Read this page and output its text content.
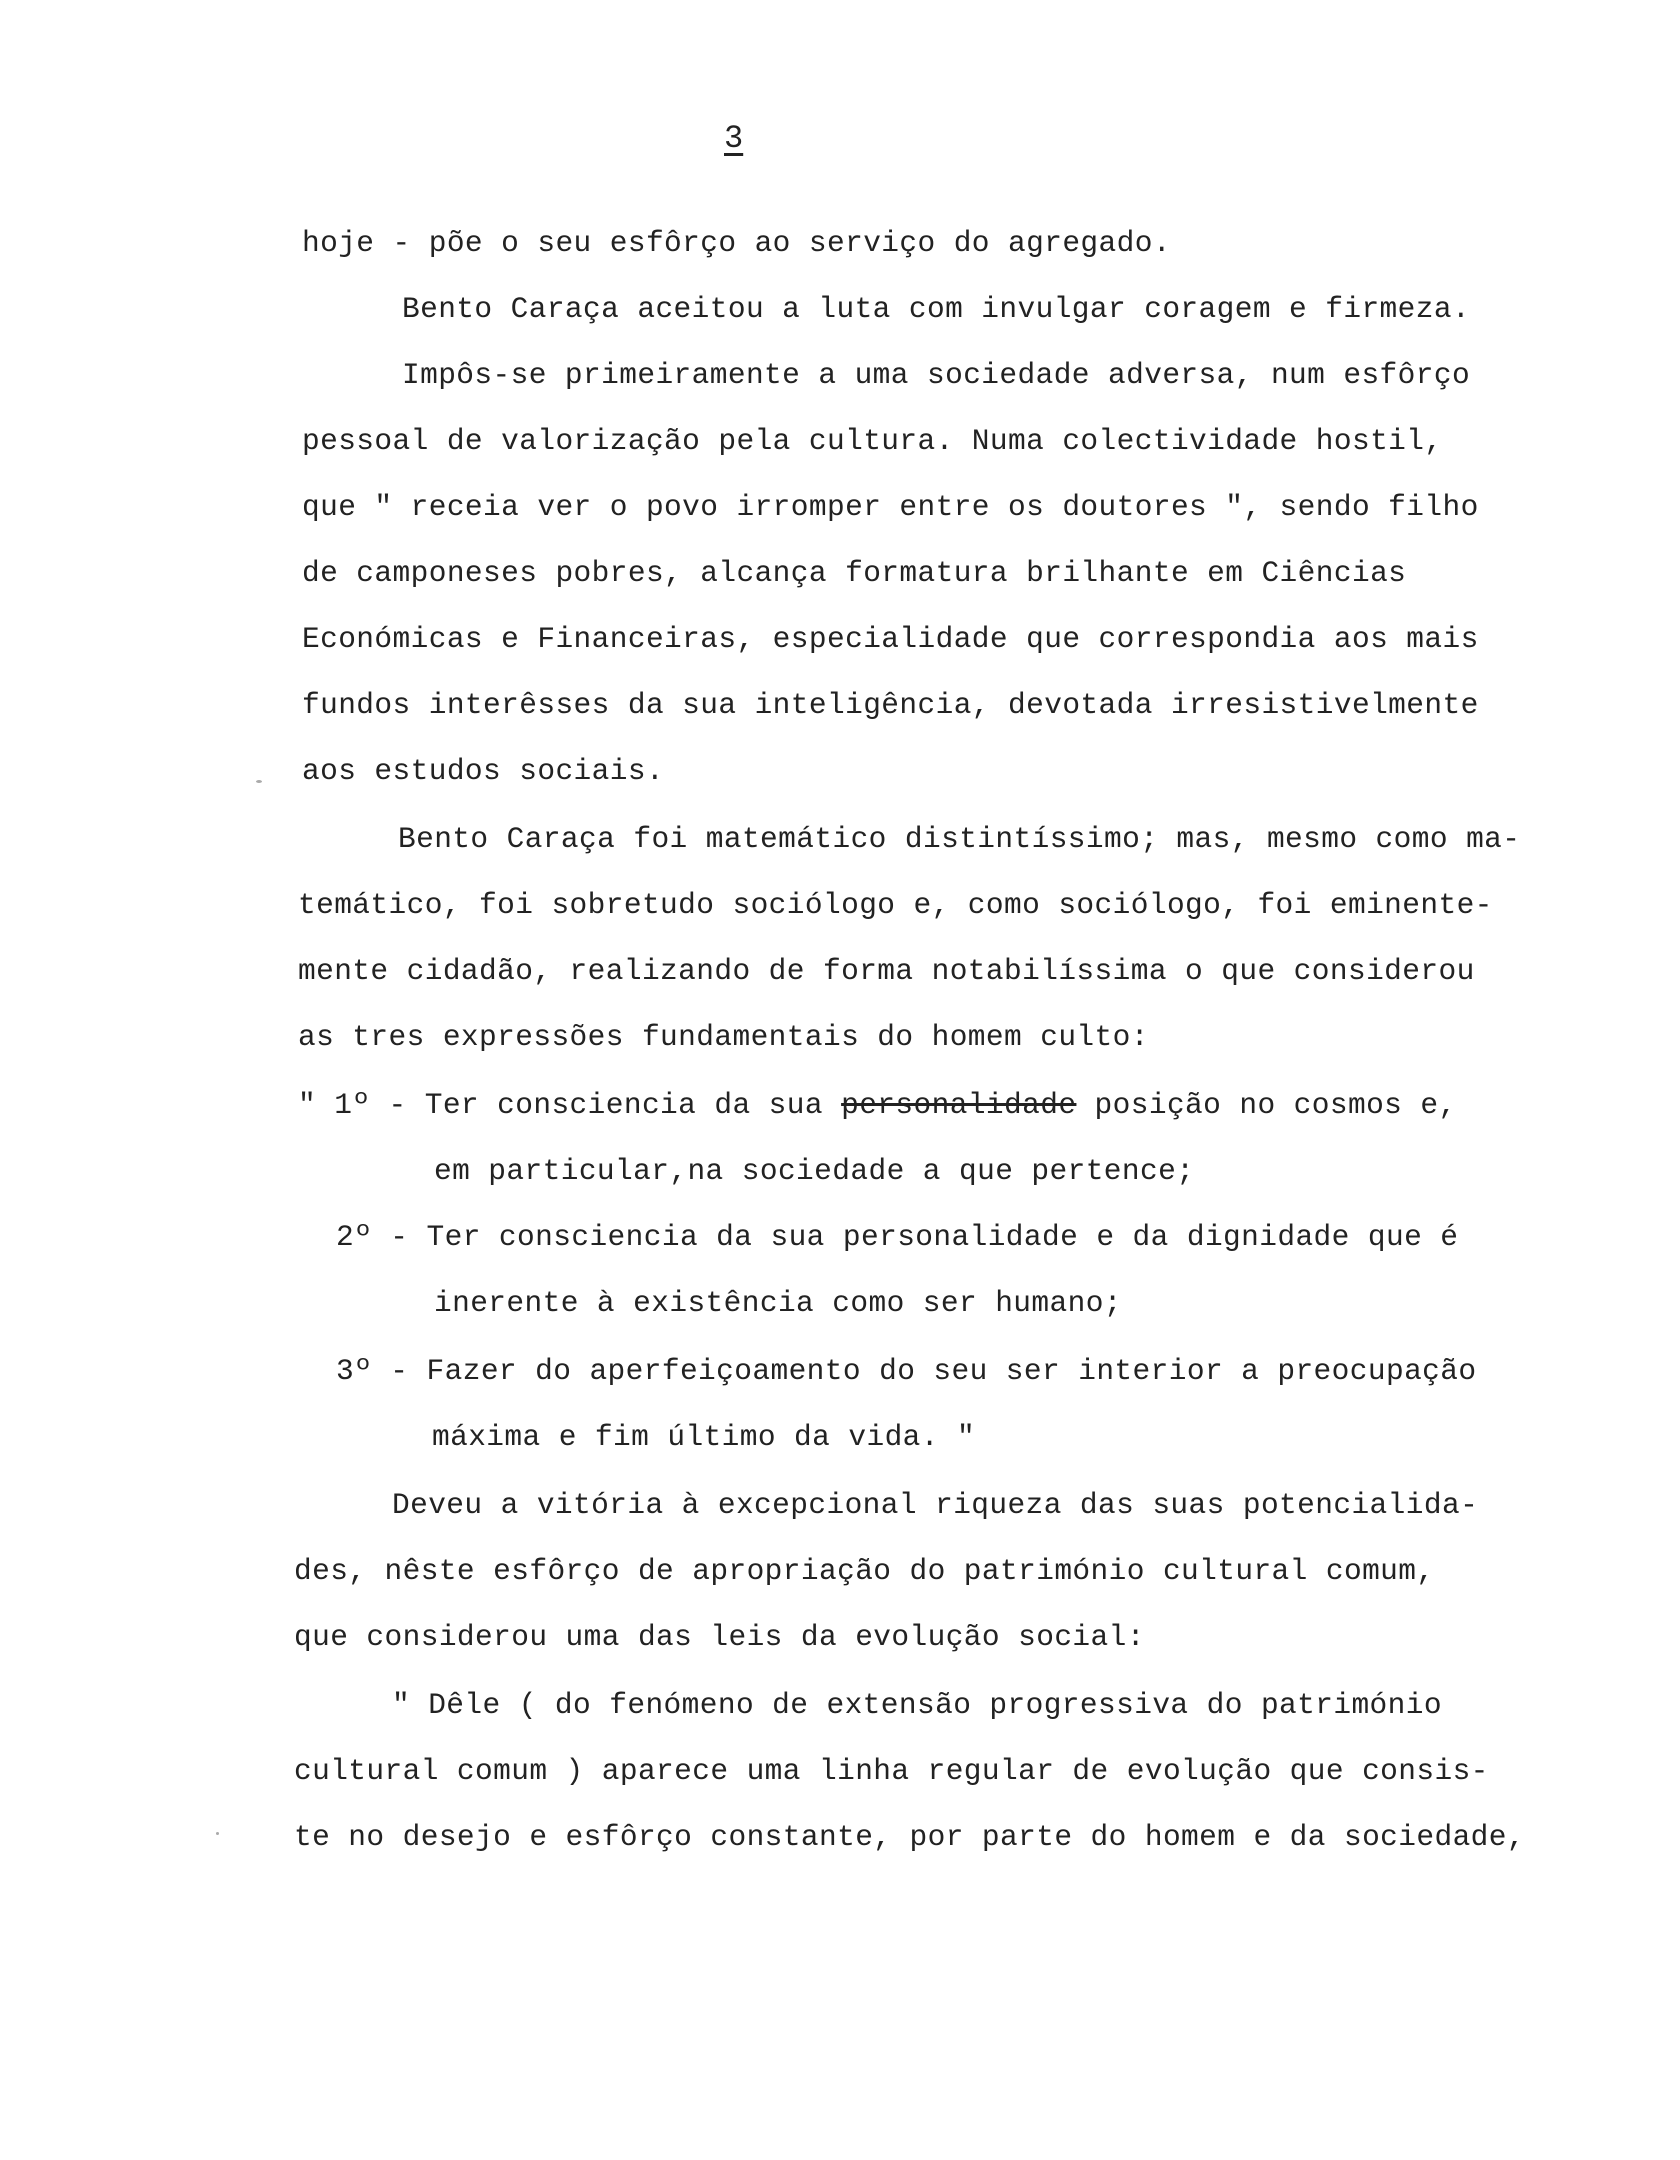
3
hoje - põe o seu esfôrço ao serviço do agregado.
Bento Caraça aceitou a luta com invulgar coragem e firmeza.
Impôs-se primeiramente a uma sociedade adversa, num esfôrço
pessoal de valorização pela cultura. Numa colectividade hostil,
que " receia ver o povo irromper entre os doutores ", sendo filho
de camponeses pobres, alcança formatura brilhante em Ciências
Económicas e Financeiras, especialidade que correspondia aos mais
fundos interêsses da sua inteligência, devotada irresistivelmente
aos estudos sociais.
Bento Caraça foi matemático distintíssimo; mas, mesmo como ma-
temático, foi sobretudo sociólogo e, como sociólogo, foi eminente-
mente cidadão, realizando de forma notabilíssima o que considerou
as tres expressões fundamentais do homem culto:
" 1º - Ter consciencia da sua personalidade posição no cosmos e,
em particular,na sociedade a que pertence;
2º - Ter consciencia da sua personalidade e da dignidade que é
inerente à existência como ser humano;
3º - Fazer do aperfeiçoamento do seu ser interior a preocupação
máxima e fim último da vida. "
Deveu a vitória à excepcional riqueza das suas potencialida-
des, nêste esfôrço de apropriação do património cultural comum,
que considerou uma das leis da evolução social:
" Dêle ( do fenómeno de extensão progressiva do património
cultural comum ) aparece uma linha regular de evolução que consis-
te no desejo e esfôrço constante, por parte do homem e da sociedade,
